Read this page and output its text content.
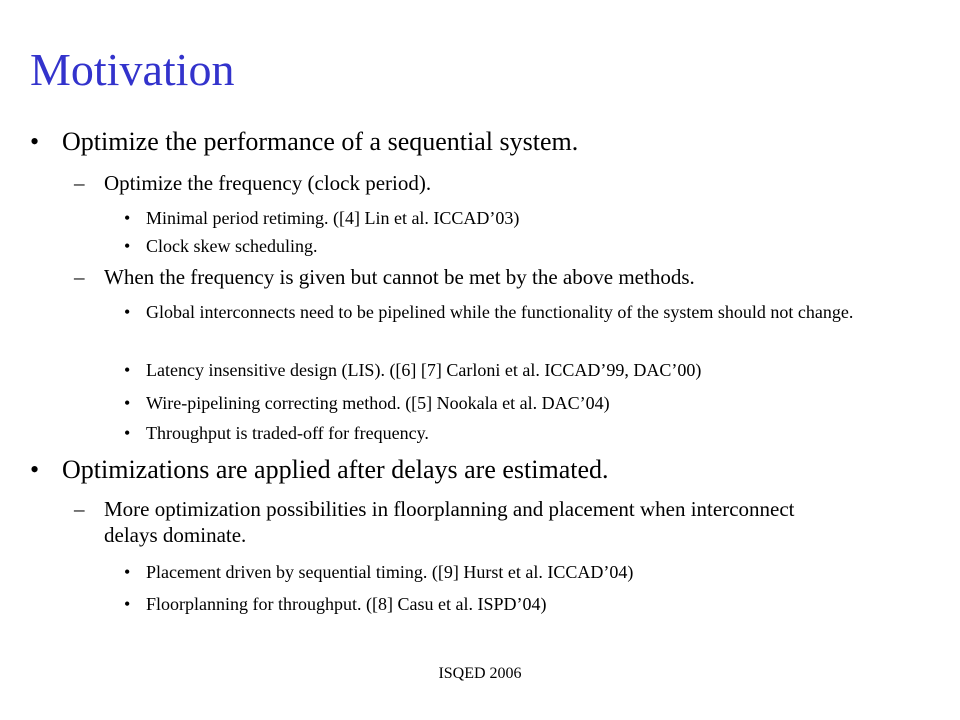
Motivation
• Optimize the performance of a sequential system.
– Optimize the frequency (clock period).
• Minimal period retiming. ([4] Lin et al. ICCAD’03)
• Clock skew scheduling.
– When the frequency is given but cannot be met by the above methods.
• Global interconnects need to be pipelined while the functionality of the system should not change.
• Latency insensitive design (LIS). ([6] [7] Carloni et al. ICCAD’99, DAC’00)
• Wire-pipelining correcting method. ([5] Nookala et al. DAC’04)
• Throughput is traded-off for frequency.
• Optimizations are applied after delays are estimated.
– More optimization possibilities in floorplanning and placement when interconnect delays dominate.
• Placement driven by sequential timing. ([9] Hurst et al. ICCAD’04)
• Floorplanning for throughput. ([8] Casu et al. ISPD’04)
ISQED 2006
